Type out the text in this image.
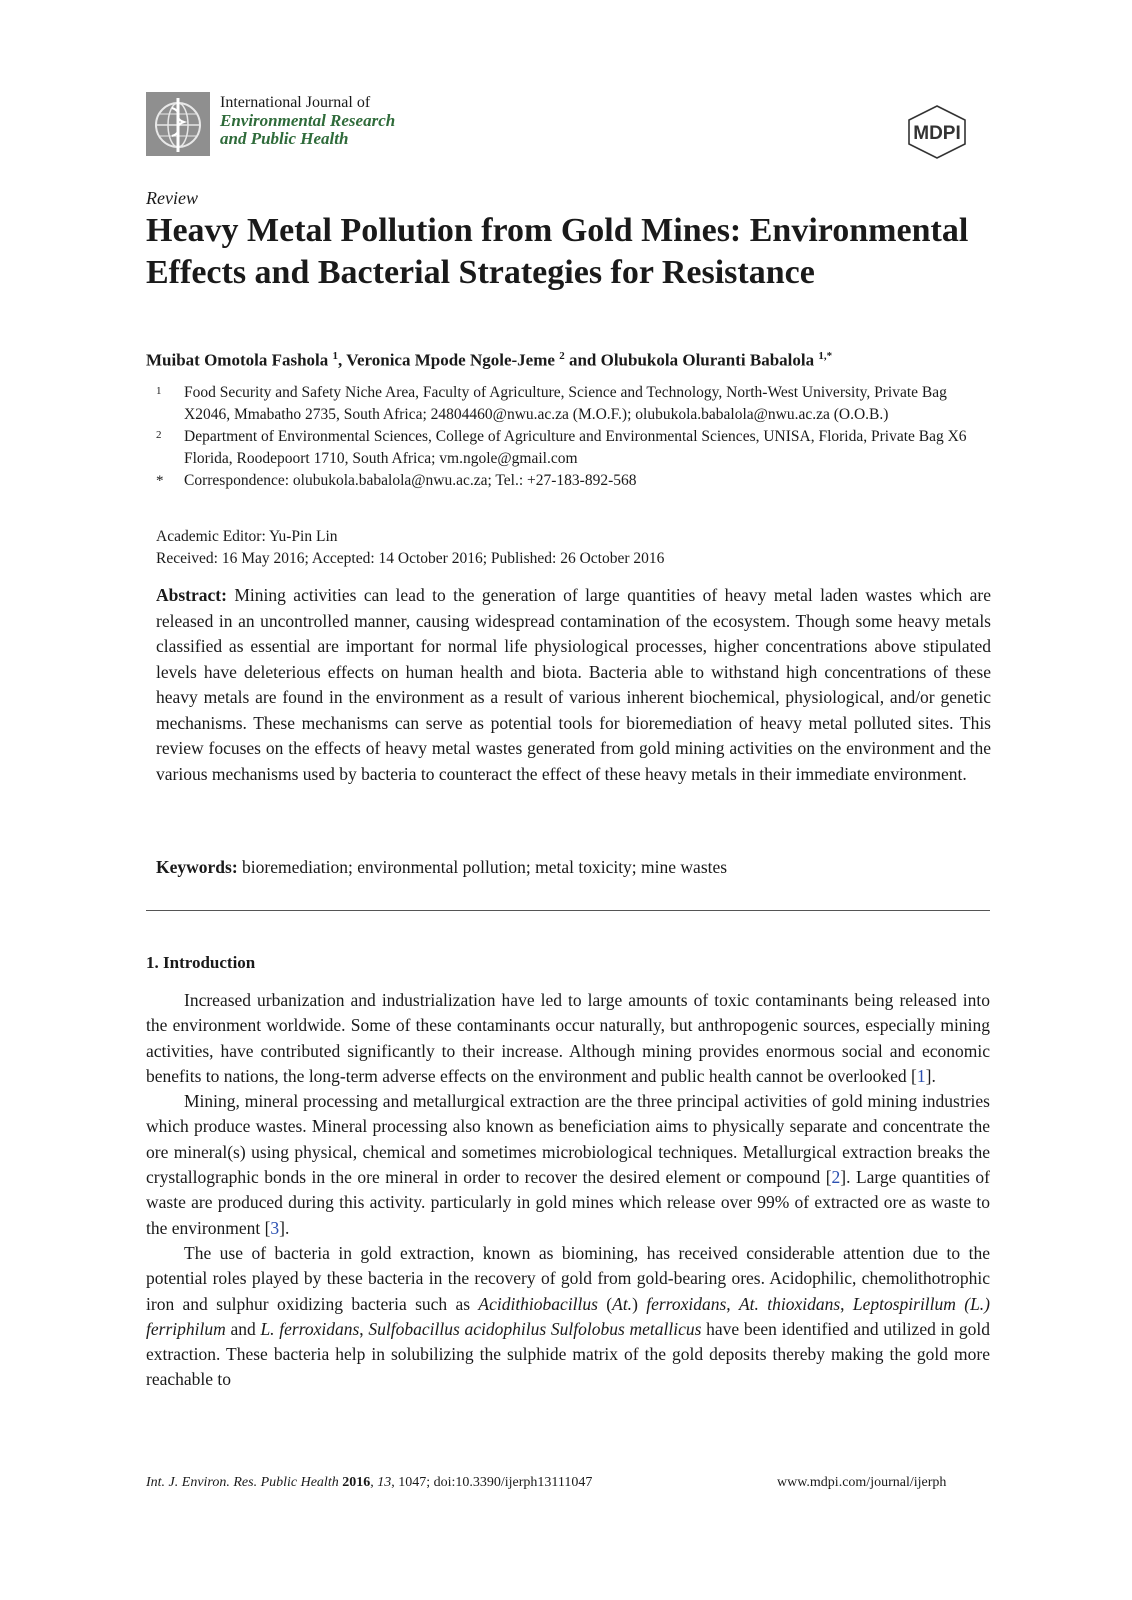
International Journal of
Environmental Research
and Public Health	MDPI
Review
Heavy Metal Pollution from Gold Mines: Environmental Effects and Bacterial Strategies for Resistance
Muibat Omotola Fashola $^1$, Veronica Mpode Ngole-Jeme $^2$ and Olubukola Oluranti Babalola $^{1,*}$
1 Food Security and Safety Niche Area, Faculty of Agriculture, Science and Technology, North-West University, Private Bag X2046, Mmabatho 2735, South Africa; 24804460@nwu.ac.za (M.O.F.); olubukola.babalola@nwu.ac.za (O.O.B.)
2 Department of Environmental Sciences, College of Agriculture and Environmental Sciences, UNISA, Florida, Private Bag X6 Florida, Roodepoort 1710, South Africa; vm.ngole@gmail.com
* Correspondence: olubukola.babalola@nwu.ac.za; Tel.: +27-183-892-568
Academic Editor: Yu-Pin Lin
Received: 16 May 2016; Accepted: 14 October 2016; Published: 26 October 2016

Abstract: Mining activities can lead to the generation of large quantities of heavy metal laden wastes which are released in an uncontrolled manner, causing widespread contamination of the ecosystem. Though some heavy metals classified as essential are important for normal life physiological processes, higher concentrations above stipulated levels have deleterious effects on human health and biota. Bacteria able to withstand high concentrations of these heavy metals are found in the environment as a result of various inherent biochemical, physiological, and/or genetic mechanisms. These mechanisms can serve as potential tools for bioremediation of heavy metal polluted sites. This review focuses on the effects of heavy metal wastes generated from gold mining activities on the environment and the various mechanisms used by bacteria to counteract the effect of these heavy metals in their immediate environment.

Keywords: bioremediation; environmental pollution; metal toxicity; mine wastes
1. Introduction

Increased urbanization and industrialization have led to large amounts of toxic contaminants being released into the environment worldwide. Some of these contaminants occur naturally, but anthropogenic sources, especially mining activities, have contributed significantly to their increase. Although mining provides enormous social and economic benefits to nations, the long-term adverse effects on the environment and public health cannot be overlooked [1].

Mining, mineral processing and metallurgical extraction are the three principal activities of gold mining industries which produce wastes. Mineral processing also known as beneficiation aims to physically separate and concentrate the ore mineral(s) using physical, chemical and sometimes microbiological techniques. Metallurgical extraction breaks the crystallographic bonds in the ore mineral in order to recover the desired element or compound [2]. Large quantities of waste are produced during this activity. particularly in gold mines which release over 99% of extracted ore as waste to the environment [3].

The use of bacteria in gold extraction, known as biomining, has received considerable attention due to the potential roles played by these bacteria in the recovery of gold from gold-bearing ores. Acidophilic, chemolithotrophic iron and sulphur oxidizing bacteria such as Acidithiobacillus (At.) ferroxidans, At. thioxidans, Leptospirillum (L.) ferriphilum and L. ferroxidans, Sulfobacillus acidophilus Sulfolobus metallicus have been identified and utilized in gold extraction. These bacteria help in solubilizing the sulphide matrix of the gold deposits thereby making the gold more reachable to

Int. J. Environ. Res. Public Health 2016, 13, 1047; doi:10.3390/ijerph13111047	www.mdpi.com/journal/ijerph
